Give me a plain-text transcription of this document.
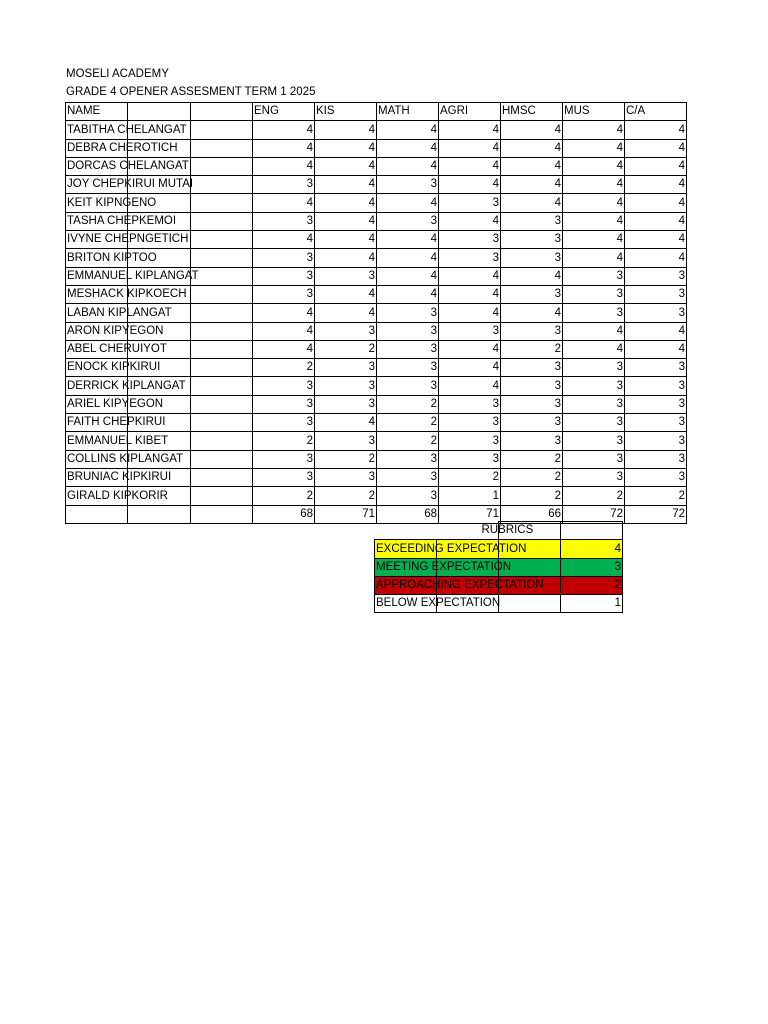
MOSELI ACADEMY
GRADE 4 OPENER ASSESMENT TERM 1 2025
NAME			ENG	KIS	MATH	AGRI	HMSC	MUS	C/A

TABITHA CHELANGAT			4	4	4	4	4	4	4

DEBRA CHEROTICH			4	4	4	4	4	4	4

DORCAS CHELANGAT			4	4	4	4	4	4	4

JOY CHEPKIRUI MUTAI			3	4	3	4	4	4	4

KEIT KIPNGENO			4	4	4	3	4	4	4

TASHA CHEPKEMOI			3	4	3	4	3	4	4

IVYNE CHEPNGETICH			4	4	4	3	3	4	4

BRITON KIPTOO			3	4	4	3	3	4	4

EMMANUEL KIPLANGAT			3	3	4	4	4	3	3

MESHACK KIPKOECH			3	4	4	4	3	3	3

LABAN KIPLANGAT			4	4	3	4	4	3	3

ARON KIPYEGON			4	3	3	3	3	4	4

ABEL CHERUIYOT			4	2	3	4	2	4	4

ENOCK KIPKIRUI			2	3	3	4	3	3	3

DERRICK KIPLANGAT			3	3	3	4	3	3	3

ARIEL KIPYEGON			3	3	2	3	3	3	3

FAITH CHEPKIRUI			3	4	2	3	3	3	3

EMMANUEL KIBET			2	3	2	3	3	3	3

COLLINS KIPLANGAT			3	2	3	3	2	3	3

BRUNIAC KIPKIRUI			3	3	3	2	2	3	3

GIRALD KIPKORIR			2	2	3	1	2	2	2
			68	71	68	71	66	72	72
RUBRICS			

EXCEEDING EXPECTATION			4

MEETING EXPECTATION			3

APPROACHING EXPECTATION			2

BELOW EXPECTATION			1
